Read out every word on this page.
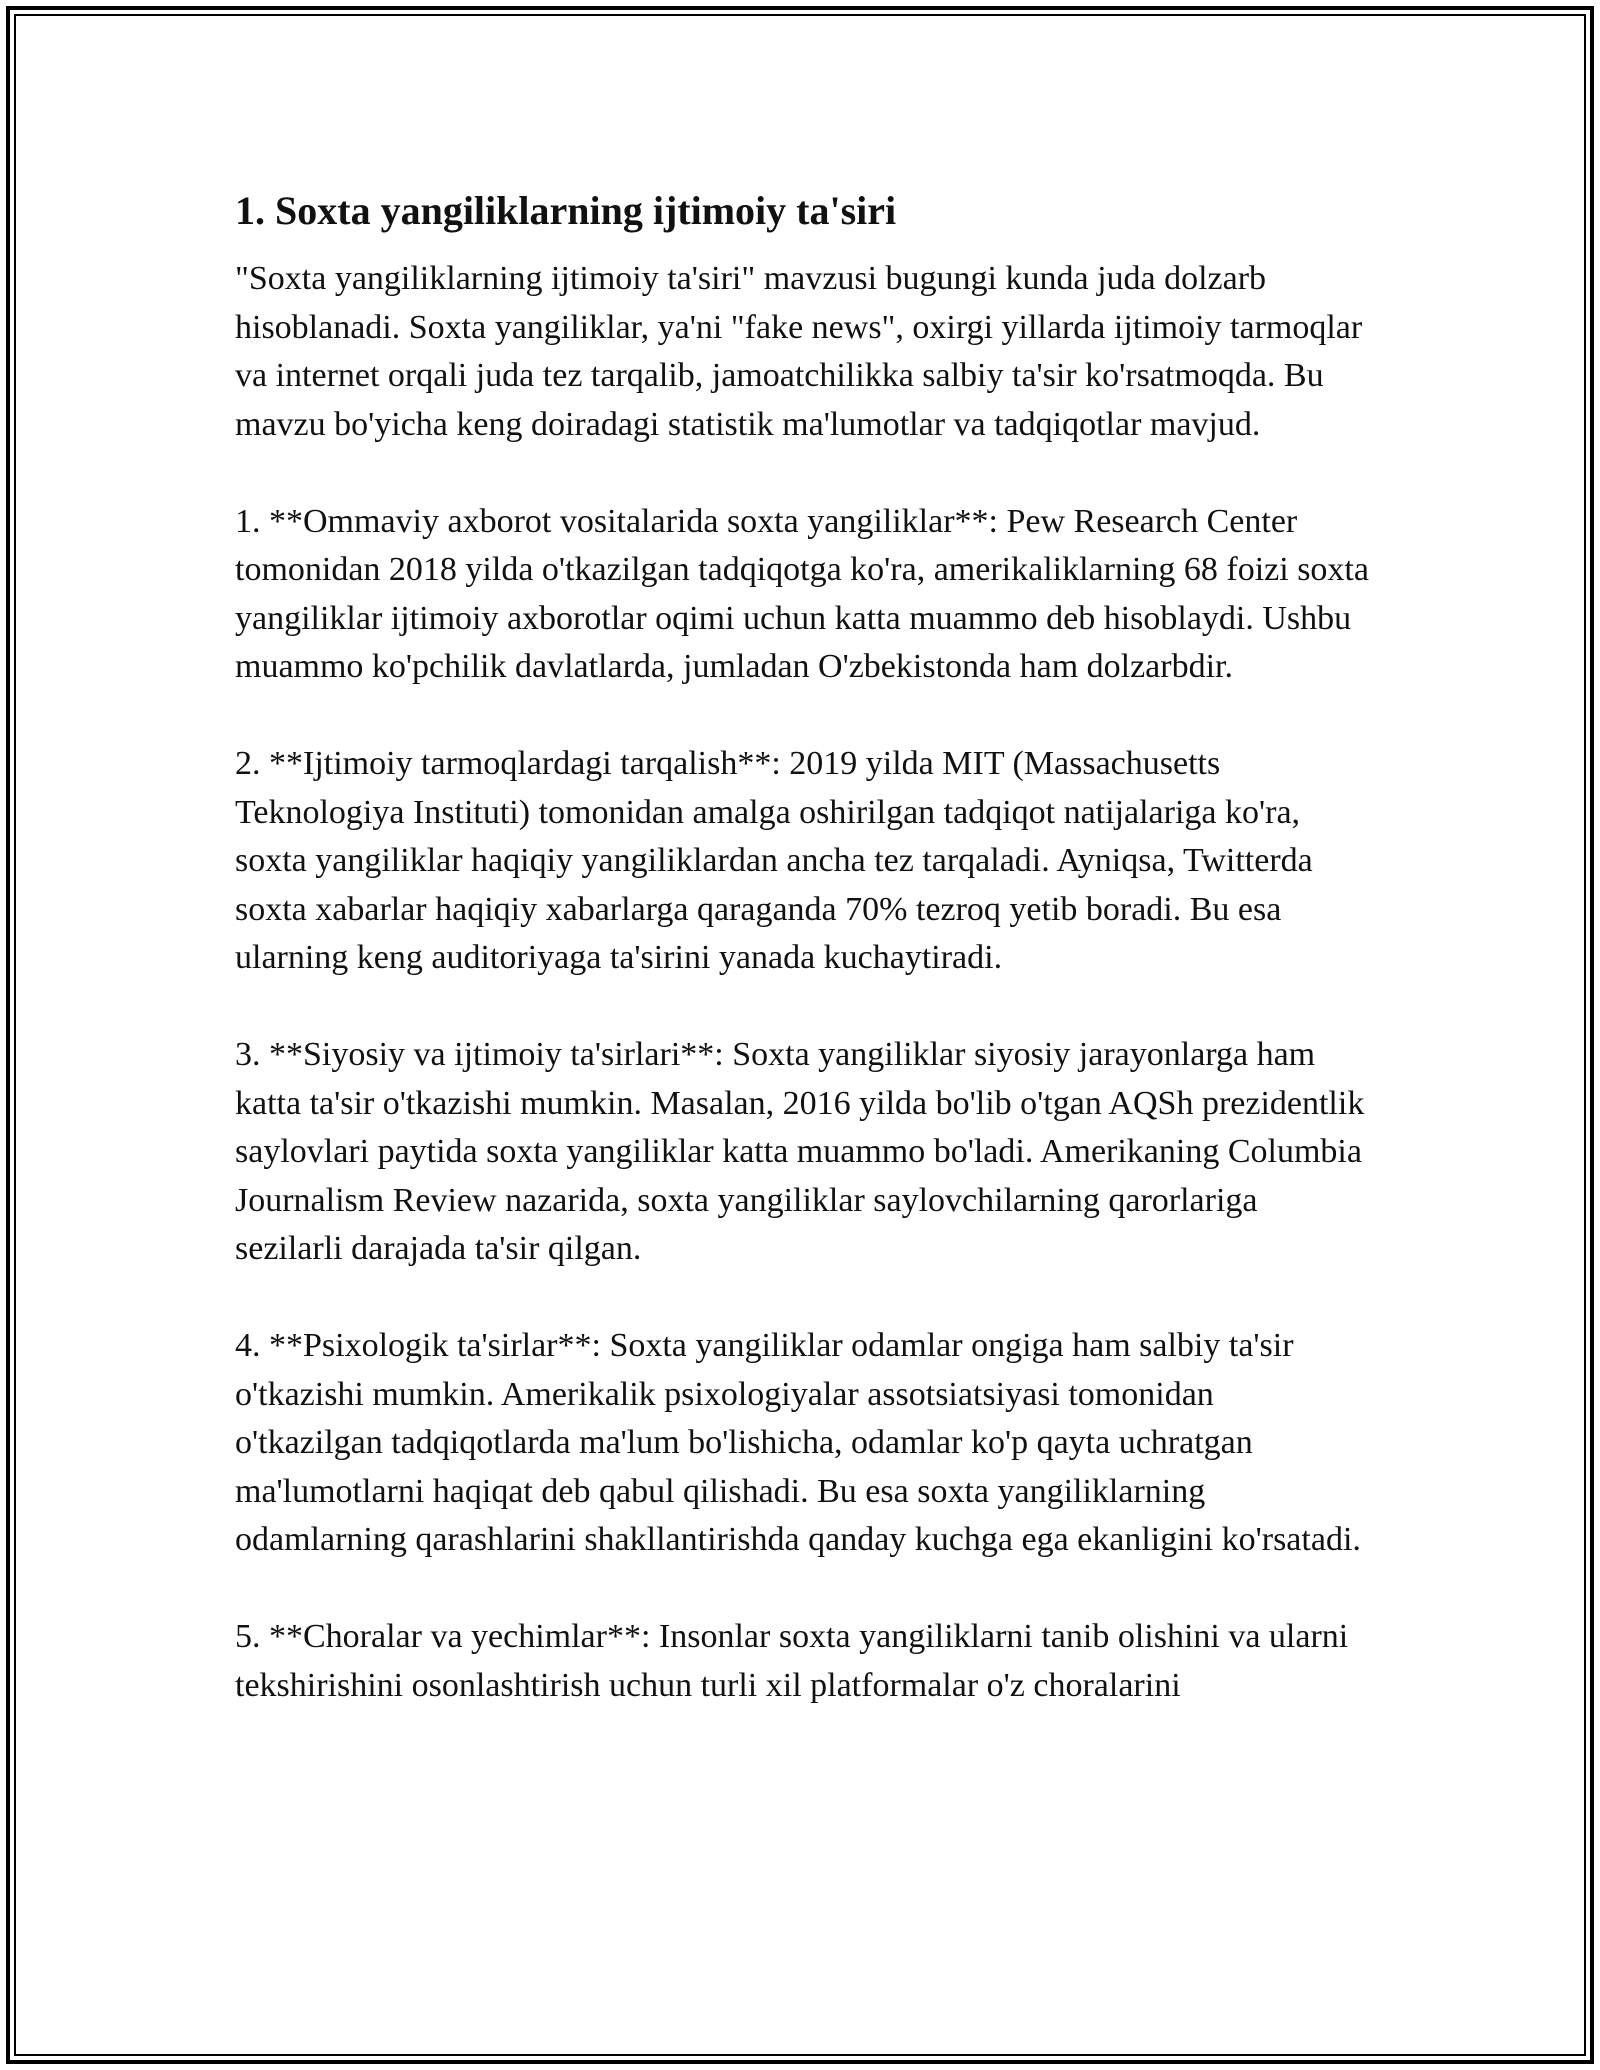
1. Soxta yangiliklarning ijtimoiy ta'siri
"Soxta yangiliklarning ijtimoiy ta'siri" mavzusi bugungi kunda juda dolzarb hisoblanadi. Soxta yangiliklar, ya'ni "fake news", oxirgi yillarda ijtimoiy tarmoqlar va internet orqali juda tez tarqalib, jamoatchilikka salbiy ta'sir ko'rsatmoqda. Bu mavzu bo'yicha keng doiradagi statistik ma'lumotlar va tadqiqotlar mavjud.
1. **Ommaviy axborot vositalarida soxta yangiliklar**: Pew Research Center tomonidan 2018 yilda o'tkazilgan tadqiqotga ko'ra, amerikaliklarning 68 foizi soxta yangiliklar ijtimoiy axborotlar oqimi uchun katta muammo deb hisoblaydi. Ushbu muammo ko'pchilik davlatlarda, jumladan O'zbekistonda ham dolzarbdir.
2. **Ijtimoiy tarmoqlardagi tarqalish**: 2019 yilda MIT (Massachusetts Teknologiya Instituti) tomonidan amalga oshirilgan tadqiqot natijalariga ko'ra, soxta yangiliklar haqiqiy yangiliklardan ancha tez tarqaladi. Ayniqsa, Twitterda soxta xabarlar haqiqiy xabarlarga qaraganda 70% tezroq yetib boradi. Bu esa ularning keng auditoriyaga ta'sirini yanada kuchaytiradi.
3. **Siyosiy va ijtimoiy ta'sirlari**: Soxta yangiliklar siyosiy jarayonlarga ham katta ta'sir o'tkazishi mumkin. Masalan, 2016 yilda bo'lib o'tgan AQSh prezidentlik saylovlari paytida soxta yangiliklar katta muammo bo'ladi. Amerikaning Columbia Journalism Review nazarida, soxta yangiliklar saylovchilarning qarorlariga sezilarli darajada ta'sir qilgan.
4. **Psixologik ta'sirlar**: Soxta yangiliklar odamlar ongiga ham salbiy ta'sir o'tkazishi mumkin. Amerikalik psixologiyalar assotsiatsiyasi tomonidan o'tkazilgan tadqiqotlarda ma'lum bo'lishicha, odamlar ko'p qayta uchratgan ma'lumotlarni haqiqat deb qabul qilishadi. Bu esa soxta yangiliklarning odamlarning qarashlarini shakllantirishda qanday kuchga ega ekanligini ko'rsatadi.
5. **Choralar va yechimlar**: Insonlar soxta yangiliklarni tanib olishini va ularni tekshirishini osonlashtirish uchun turli xil platformalar o'z choralarini
